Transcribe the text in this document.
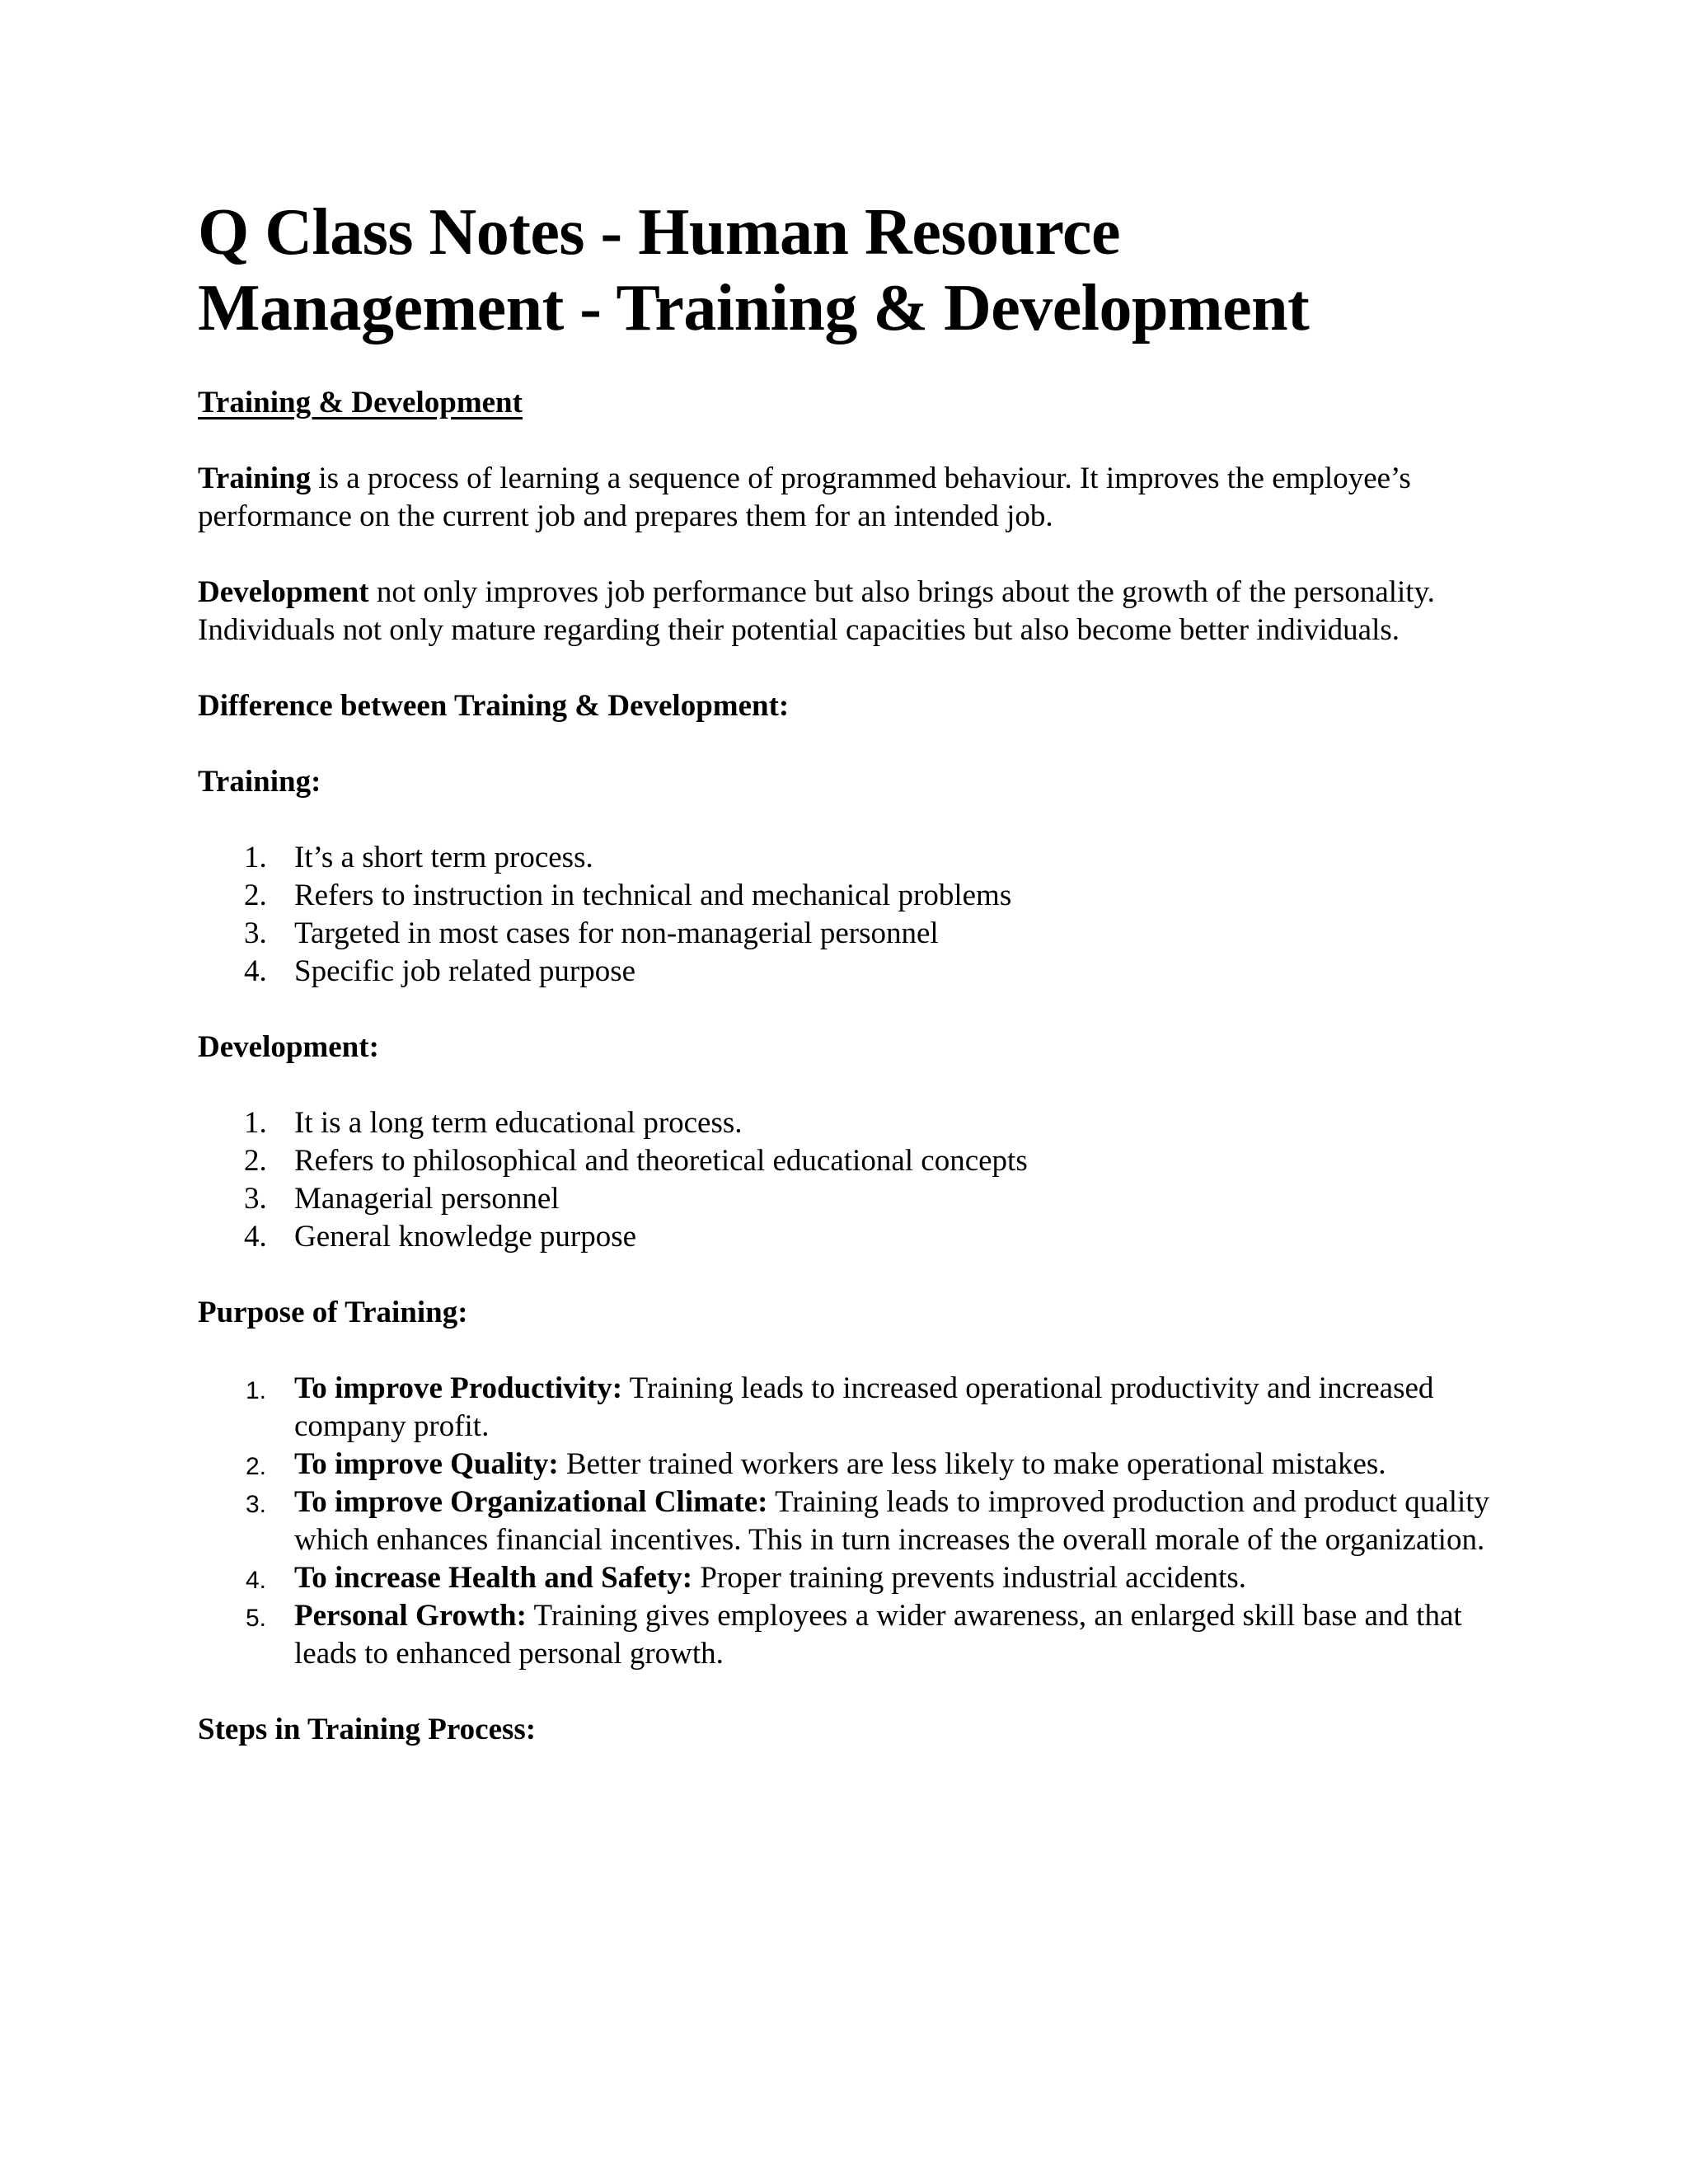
Q Class Notes - Human Resource Management - Training & Development
Training & Development

Training is a process of learning a sequence of programmed behaviour. It improves the employee’s performance on the current job and prepares them for an intended job.

Development not only improves job performance but also brings about the growth of the personality. Individuals not only mature regarding their potential capacities but also become better individuals.

Difference between Training & Development:
Training:
1. It’s a short term process.
2. Refers to instruction in technical and mechanical problems
3. Targeted in most cases for non-managerial personnel
4. Specific job related purpose
Development:
1. It is a long term educational process.
2. Refers to philosophical and theoretical educational concepts
3. Managerial personnel
4. General knowledge purpose
Purpose of Training:
1. To improve Productivity: Training leads to increased operational productivity and increased company profit.
2. To improve Quality: Better trained workers are less likely to make operational mistakes.
3. To improve Organizational Climate: Training leads to improved production and product quality which enhances financial incentives. This in turn increases the overall morale of the organization.
4. To increase Health and Safety: Proper training prevents industrial accidents.
5. Personal Growth: Training gives employees a wider awareness, an enlarged skill base and that leads to enhanced personal growth.
Steps in Training Process:
